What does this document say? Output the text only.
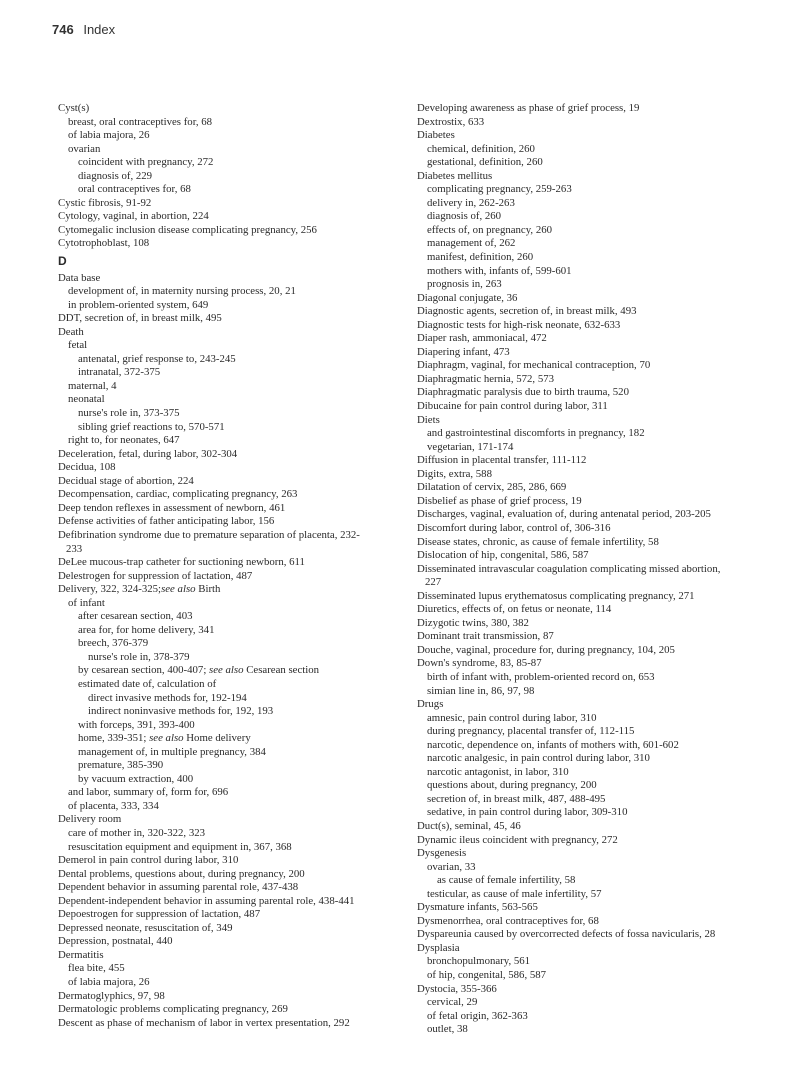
746 Index
Cyst(s)
breast, oral contraceptives for, 68
of labia majora, 26
ovarian
coincident with pregnancy, 272
diagnosis of, 229
oral contraceptives for, 68
Cystic fibrosis, 91-92
Cytology, vaginal, in abortion, 224
Cytomegalic inclusion disease complicating pregnancy, 256
Cytotrophoblast, 108
D
Data base
development of, in maternity nursing process, 20, 21
in problem-oriented system, 649
DDT, secretion of, in breast milk, 495
Death
fetal
antenatal, grief response to, 243-245
intranatal, 372-375
maternal, 4
neonatal
nurse's role in, 373-375
sibling grief reactions to, 570-571
right to, for neonates, 647
Deceleration, fetal, during labor, 302-304
Decidua, 108
Decidual stage of abortion, 224
Decompensation, cardiac, complicating pregnancy, 263
Deep tendon reflexes in assessment of newborn, 461
Defense activities of father anticipating labor, 156
Defibrination syndrome due to premature separation of placenta, 232-
233
DeLee mucous-trap catheter for suctioning newborn, 611
Delestrogen for suppression of lactation, 487
Delivery, 322, 324-325;see also Birth
of infant
after cesarean section, 403
area for, for home delivery, 341
breech, 376-379
nurse's role in, 378-379
by cesarean section, 400-407; see also Cesarean section
estimated date of, calculation of
direct invasive methods for, 192-194
indirect noninvasive methods for, 192, 193
with forceps, 391, 393-400
home, 339-351; see also Home delivery
management of, in multiple pregnancy, 384
premature, 385-390
by vacuum extraction, 400
and labor, summary of, form for, 696
of placenta, 333, 334
Delivery room
care of mother in, 320-322, 323
resuscitation equipment and equipment in, 367, 368
Demerol in pain control during labor, 310
Dental problems, questions about, during pregnancy, 200
Dependent behavior in assuming parental role, 437-438
Dependent-independent behavior in assuming parental role, 438-441
Depoestrogen for suppression of lactation, 487
Depressed neonate, resuscitation of, 349
Depression, postnatal, 440
Dermatitis
flea bite, 455
of labia majora, 26
Dermatoglyphics, 97, 98
Dermatologic problems complicating pregnancy, 269
Descent as phase of mechanism of labor in vertex presentation, 292
Developing awareness as phase of grief process, 19
Dextrostix, 633
Diabetes
chemical, definition, 260
gestational, definition, 260
Diabetes mellitus
complicating pregnancy, 259-263
delivery in, 262-263
diagnosis of, 260
effects of, on pregnancy, 260
management of, 262
manifest, definition, 260
mothers with, infants of, 599-601
prognosis in, 263
Diagonal conjugate, 36
Diagnostic agents, secretion of, in breast milk, 493
Diagnostic tests for high-risk neonate, 632-633
Diaper rash, ammoniacal, 472
Diapering infant, 473
Diaphragm, vaginal, for mechanical contraception, 70
Diaphragmatic hernia, 572, 573
Diaphragmatic paralysis due to birth trauma, 520
Dibucaine for pain control during labor, 311
Diets
and gastrointestinal discomforts in pregnancy, 182
vegetarian, 171-174
Diffusion in placental transfer, 111-112
Digits, extra, 588
Dilatation of cervix, 285, 286, 669
Disbelief as phase of grief process, 19
Discharges, vaginal, evaluation of, during antenatal period, 203-205
Discomfort during labor, control of, 306-316
Disease states, chronic, as cause of female infertility, 58
Dislocation of hip, congenital, 586, 587
Disseminated intravascular coagulation complicating missed abortion,
227
Disseminated lupus erythematosus complicating pregnancy, 271
Diuretics, effects of, on fetus or neonate, 114
Dizygotic twins, 380, 382
Dominant trait transmission, 87
Douche, vaginal, procedure for, during pregnancy, 104, 205
Down's syndrome, 83, 85-87
birth of infant with, problem-oriented record on, 653
simian line in, 86, 97, 98
Drugs
amnesic, pain control during labor, 310
during pregnancy, placental transfer of, 112-115
narcotic, dependence on, infants of mothers with, 601-602
narcotic analgesic, in pain control during labor, 310
narcotic antagonist, in labor, 310
questions about, during pregnancy, 200
secretion of, in breast milk, 487, 488-495
sedative, in pain control during labor, 309-310
Duct(s), seminal, 45, 46
Dynamic ileus coincident with pregnancy, 272
Dysgenesis
ovarian, 33
as cause of female infertility, 58
testicular, as cause of male infertility, 57
Dysmature infants, 563-565
Dysmenorrhea, oral contraceptives for, 68
Dyspareunia caused by overcorrected defects of fossa navicularis, 28
Dysplasia
bronchopulmonary, 561
of hip, congenital, 586, 587
Dystocia, 355-366
cervical, 29
of fetal origin, 362-363
outlet, 38
